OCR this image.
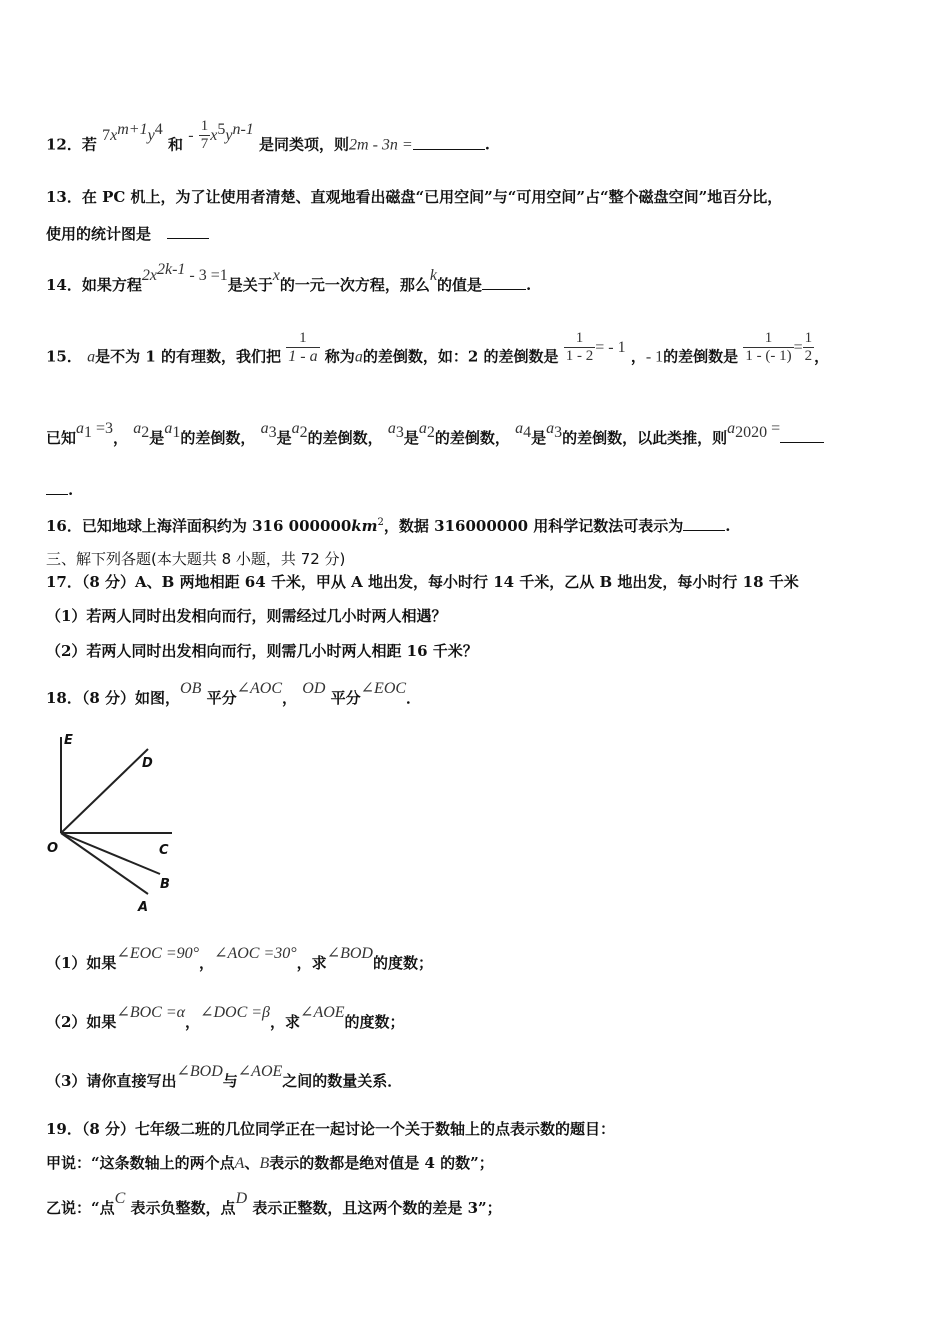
12．若 $7x^{m+1}y^4$ 和 - $\frac{1}{7} x^5y^{n-1}$ 是同类项，则2m - 3n =	.
13．在 PC 机上，为了让使用者清楚、直观地看出磁盘“已用空间”与“可用空间”占“整个磁盘空间”地百分比，
使用的统计图是
14．如果方程$2x^{2k-1} - 3 =1$是关于x的一元一次方程，那么k的值是	.
15． a是不为 1 的有理数，我们把 $\frac{1}{1 - a}$ 称为a的差倒数，如：2 的差倒数是 $\frac{1}{1 - 2}$ = - 1 ，- 1的差倒数是 $\frac{1}{1 - (- 1)} = \frac{1}{2}$ ，
已知$a_1 =3$， $a_2$是$a_1$的差倒数， $a_3$是$a_2$的差倒数， $a_3$是$a_2$的差倒数， $a_4$是$a_3$的差倒数，以此类推，则$a_{2020}$ =
.
16．已知地球上海洋面积约为 316 $000000km^2$，数据 316000000 用科学记数法可表示为	.
三、解下列各题(本大题共 8 小题，共 72 分)
17．（8 分）A、B 两地相距 64 千米，甲从 A 地出发，每小时行 14 千米，乙从 B 地出发，每小时行 18 千米
（1）若两人同时出发相向而行，则需经过几小时两人相遇？
（2）若两人同时出发相向而行，则需几小时两人相距 16 千米？
18．（8 分）如图，OB 平分∠AOC， OD 平分∠EOC．
E
D
O	C
B
A
（1）如果∠EOC =90°，∠AOC =30°，求∠BOD的度数；
（2）如果∠BOC =α，∠DOC =β，求∠AOE的度数；
（3）请你直接写出∠BOD与∠AOE之间的数量关系．
19．（8 分）七年级二班的几位同学正在一起讨论一个关于数轴上的点表示数的题目：
甲说：“这条数轴上的两个点A、B表示的数都是绝对值是 4 的数”；
乙说：“点C 表示负整数，点D 表示正整数，且这两个数的差是 3”；
